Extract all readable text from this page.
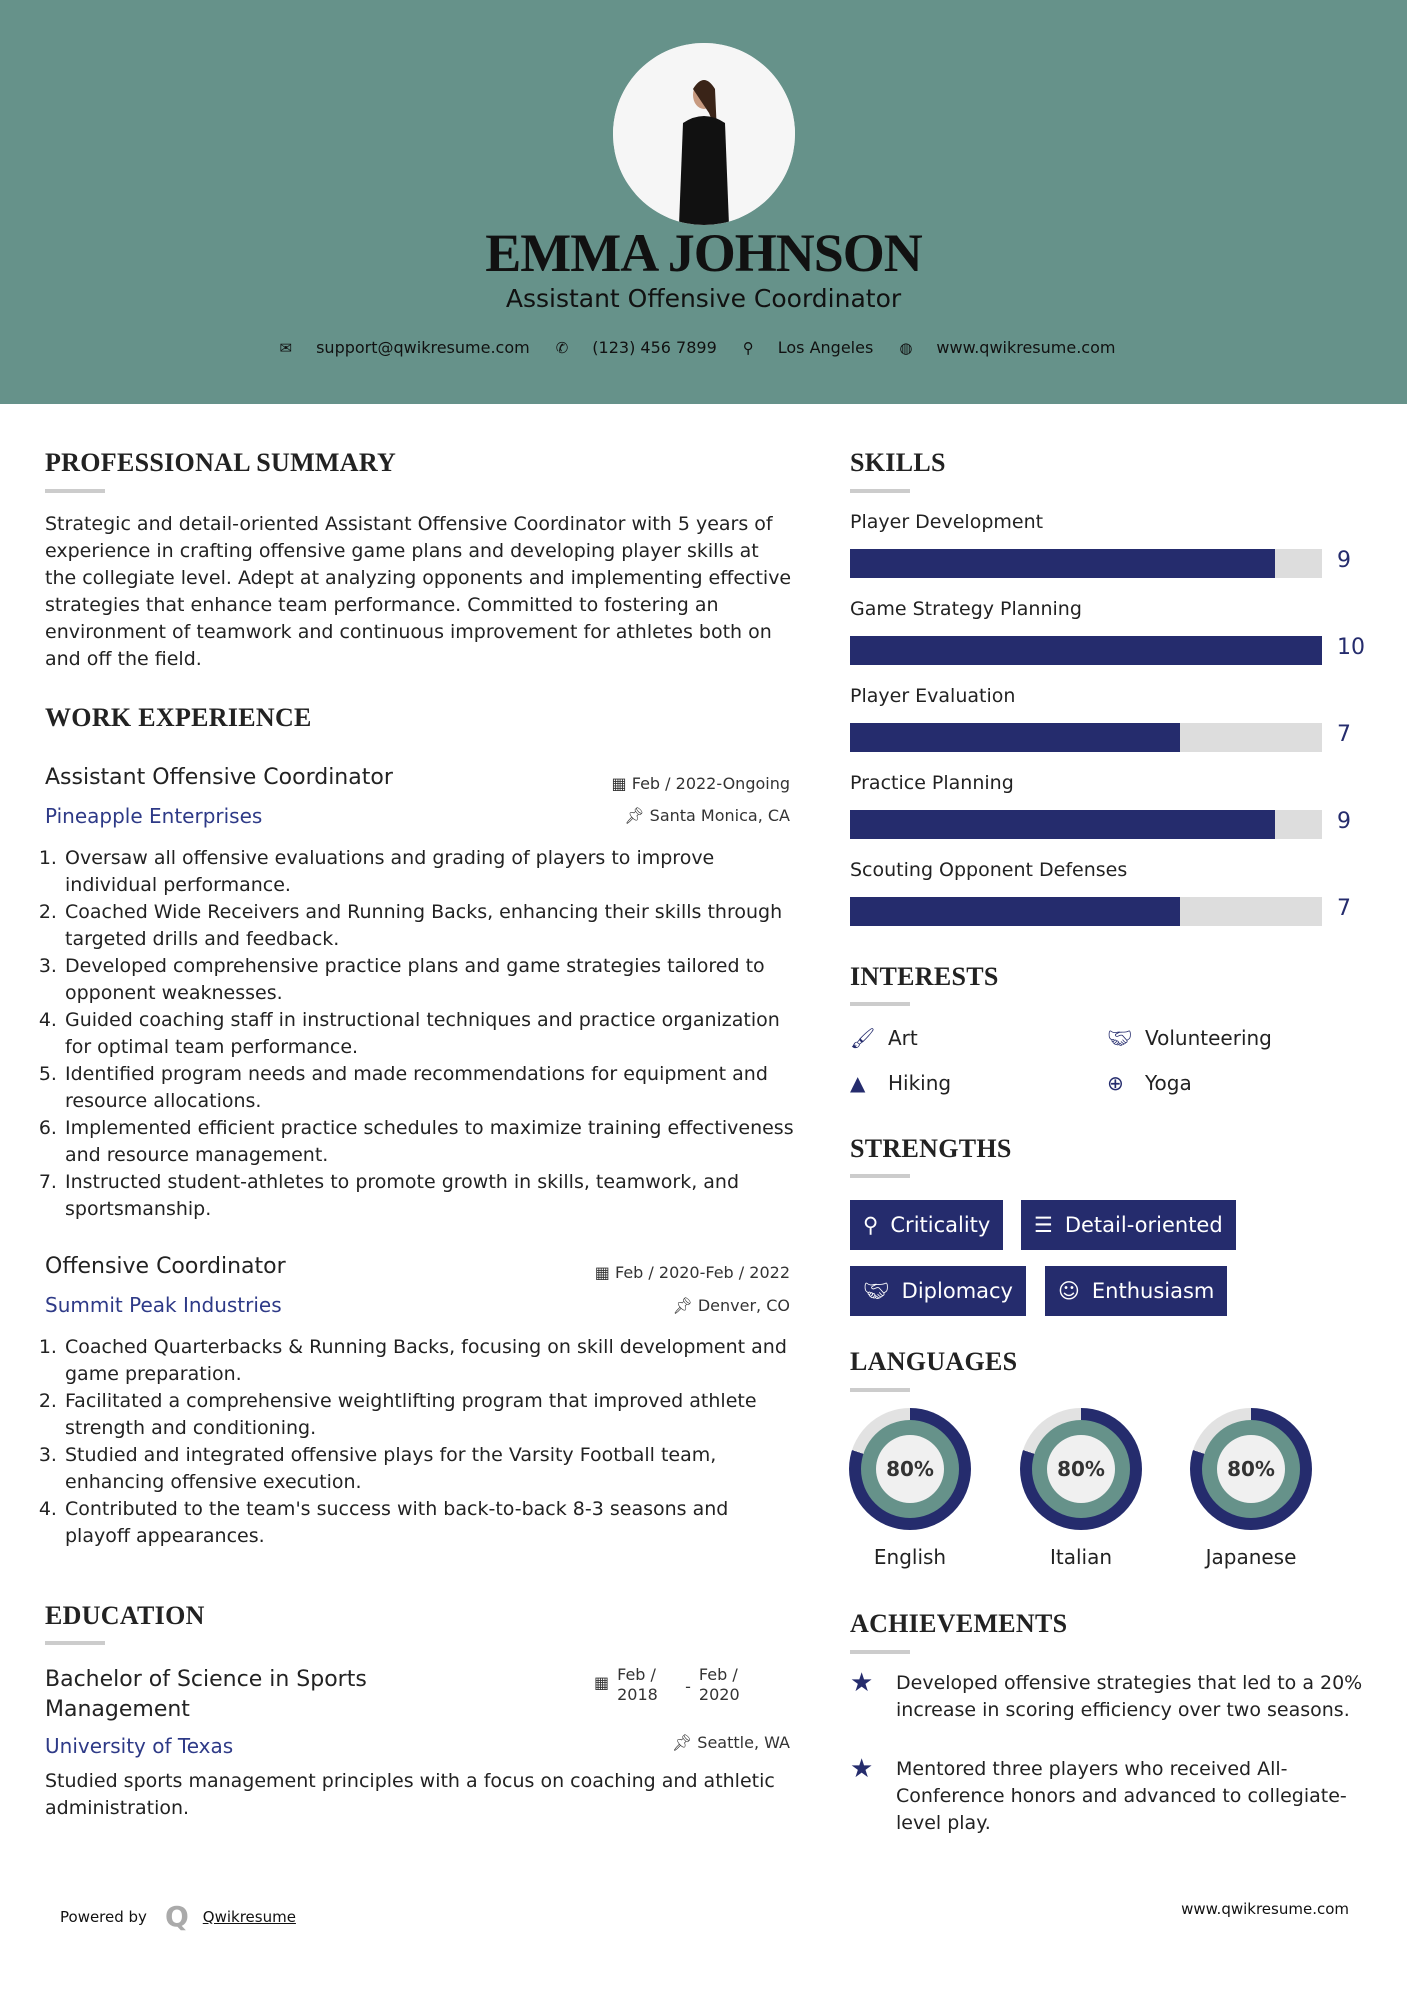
EMMA JOHNSON
Assistant Offensive Coordinator
✉ support@qwikresume.com ✆ (123) 456 7899 ⚲ Los Angeles ◍ www.qwikresume.com
PROFESSIONAL SUMMARY
Strategic and detail-oriented Assistant Offensive Coordinator with 5 years of experience in crafting offensive game plans and developing player skills at the collegiate level. Adept at analyzing opponents and implementing effective strategies that enhance team performance. Committed to fostering an environment of teamwork and continuous improvement for athletes both on and off the field.
WORK EXPERIENCE
Assistant Offensive Coordinator	▦ Feb / 2022-Ongoing
Pineapple Enterprises	📌︎ Santa Monica, CA
1. Oversaw all offensive evaluations and grading of players to improve individual performance.
2. Coached Wide Receivers and Running Backs, enhancing their skills through targeted drills and feedback.
3. Developed comprehensive practice plans and game strategies tailored to opponent weaknesses.
4. Guided coaching staff in instructional techniques and practice organization for optimal team performance.
5. Identified program needs and made recommendations for equipment and resource allocations.
6. Implemented efficient practice schedules to maximize training effectiveness and resource management.
7. Instructed student-athletes to promote growth in skills, teamwork, and sportsmanship.
Offensive Coordinator	▦ Feb / 2020-Feb / 2022
Summit Peak Industries	📌︎ Denver, CO
1. Coached Quarterbacks & Running Backs, focusing on skill development and game preparation.
2. Facilitated a comprehensive weightlifting program that improved athlete strength and conditioning.
3. Studied and integrated offensive plays for the Varsity Football team, enhancing offensive execution.
4. Contributed to the team's success with back-to-back 8-3 seasons and playoff appearances.
EDUCATION
Bachelor of Science in Sports Management
▦ Feb / 2018	-
Feb / 2020
University of Texas	📌︎ Seattle, WA
Studied sports management principles with a focus on coaching and athletic administration.
SKILLS
Player Development
9
Game Strategy Planning
10
Player Evaluation
7
Practice Planning
9
Scouting Opponent Defenses
7
INTERESTS
🖌︎ Art	🤝︎ Volunteering
▲ Hiking	⊕ Yoga
STRENGTHS
⚲ Criticality ☰ Detail-oriented
🤝︎ Diplomacy ☺ Enthusiasm
LANGUAGES
80%
English
80%
Italian
80%
Japanese
ACHIEVEMENTS
★	Developed offensive strategies that led to a 20% increase in scoring efficiency over two seasons.
★	Mentored three players who received All-Conference honors and advanced to collegiate-level play.
Powered by Q Qwikresume	www.qwikresume.com
